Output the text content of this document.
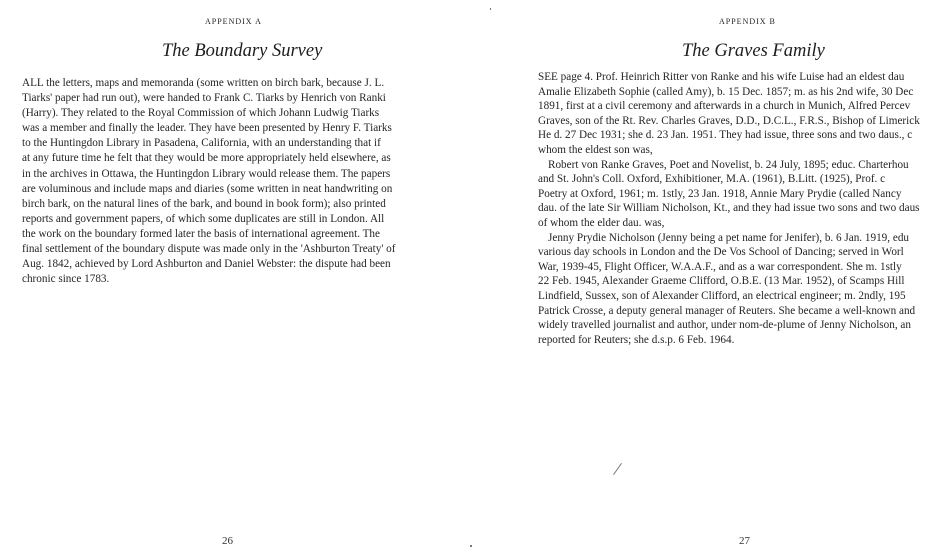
APPENDIX A
The Boundary Survey
ALL the letters, maps and memoranda (some written on birch bark, because J. L.
Tiarks' paper had run out), were handed to Frank C. Tiarks by Henrich von Ranki
(Harry). They related to the Royal Commission of which Johann Ludwig Tiarks
was a member and finally the leader. They have been presented by Henry F. Tiarks
to the Huntingdon Library in Pasadena, California, with an understanding that if
at any future time he felt that they would be more appropriately held elsewhere, as
in the archives in Ottawa, the Huntingdon Library would release them. The papers
are voluminous and include maps and diaries (some written in neat handwriting on
birch bark, on the natural lines of the bark, and bound in book form); also printed
reports and government papers, of which some duplicates are still in London. All
the work on the boundary formed later the basis of international agreement. The
final settlement of the boundary dispute was made only in the 'Ashburton Treaty' of
Aug. 1842, achieved by Lord Ashburton and Daniel Webster: the dispute had been
chronic since 1783.
26
APPENDIX B
The Graves Family
SEE page 4. Prof. Heinrich Ritter von Ranke and his wife Luise had an eldest dau
Amalie Elizabeth Sophie (called Amy), b. 15 Dec. 1857; m. as his 2nd wife, 30 Dec
1891, first at a civil ceremony and afterwards in a church in Munich, Alfred Percev
Graves, son of the Rt. Rev. Charles Graves, D.D., D.C.L., F.R.S., Bishop of Limerick
He d. 27 Dec 1931; she d. 23 Jan. 1951. They had issue, three sons and two daus., c
whom the eldest son was,
Robert von Ranke Graves, Poet and Novelist, b. 24 July, 1895; educ. Charterhou
and St. John's Coll. Oxford, Exhibitioner, M.A. (1961), B.Litt. (1925), Prof. c
Poetry at Oxford, 1961; m. 1stly, 23 Jan. 1918, Annie Mary Prydie (called Nancy
dau. of the late Sir William Nicholson, Kt., and they had issue two sons and two daus
of whom the elder dau. was,
Jenny Prydie Nicholson (Jenny being a pet name for Jenifer), b. 6 Jan. 1919, edu
various day schools in London and the De Vos School of Dancing; served in Worl
War, 1939-45, Flight Officer, W.A.A.F., and as a war correspondent. She m. 1stly
22 Feb. 1945, Alexander Graeme Clifford, O.B.E. (13 Mar. 1952), of Scamps Hill
Lindfield, Sussex, son of Alexander Clifford, an electrical engineer; m. 2ndly, 195
Patrick Crosse, a deputy general manager of Reuters. She became a well-known and
widely travelled journalist and author, under nom-de-plume of Jenny Nicholson, an
reported for Reuters; she d.s.p. 6 Feb. 1964.
27
